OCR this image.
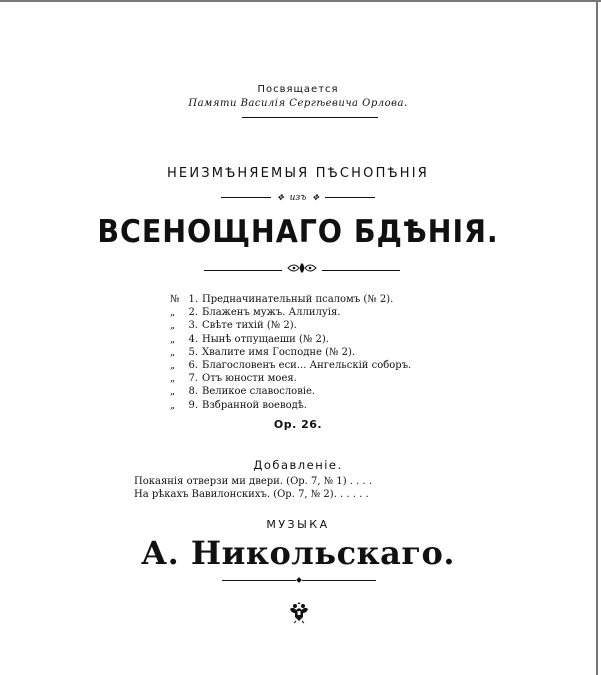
Посвящается
Памяти Василія Сергѣевича Орлова.
НЕИЗМѢНЯЕМЫЯ ПѢСНОПѢНІЯ
✥ изъ ✥
ВСЕНОЩНАГО БДѢНІЯ.
№ 1. Предначинательный псаломъ (№ 2).
„	2. Блаженъ мужъ. Аллилуія.
„	3. Свѣте тихій (№ 2).
„	4. Нынѣ отпущаеши (№ 2).
„	5. Хвалите имя Господне (№ 2).
„	6. Благословенъ еси... Ангельскій соборъ.
„	7. Отъ юности моея.
„	8. Великое славословіе.
„	9. Взбранной воеводѣ.
Ор. 26.
Добавленіе.
Покаянія отверзи ми двери. (Ор. 7, № 1) . . . .
На рѣкахъ Вавилонскихъ. (Ор. 7, № 2). . . . . .
МУЗЫКА
А. Никольскаго.
